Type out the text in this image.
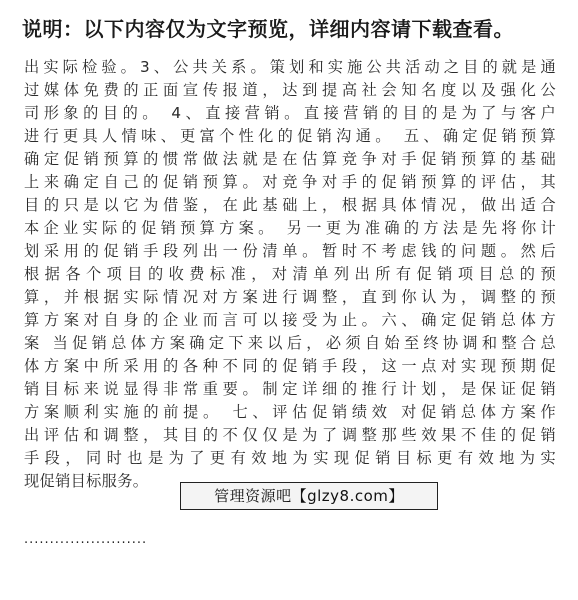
说明：以下内容仅为文字预览，详细内容请下载查看。
出实际检验。3、公共关系。策划和实施公共活动之目的就是通
过媒体免费的正面宣传报道，达到提高社会知名度以及强化公
司形象的目的。 4、直接营销。直接营销的目的是为了与客户
进行更具人情味、更富个性化的促销沟通。 五、确定促销预算
确定促销预算的惯常做法就是在估算竞争对手促销预算的基础
上来确定自己的促销预算。对竞争对手的促销预算的评估，其
目的只是以它为借鉴，在此基础上，根据具体情况，做出适合
本企业实际的促销预算方案。 另一更为准确的方法是先将你计
划采用的促销手段列出一份清单。暂时不考虑钱的问题。然后
根据各个项目的收费标准，对清单列出所有促销项目总的预
算，并根据实际情况对方案进行调整，直到你认为，调整的预
算方案对自身的企业而言可以接受为止。六、确定促销总体方
案 当促销总体方案确定下来以后，必须自始至终协调和整合总
体方案中所采用的各种不同的促销手段，这一点对实现预期促
销目标来说显得非常重要。制定详细的推行计划，是保证促销
方案顺利实施的前提。 七、评估促销绩效 对促销总体方案作
出评估和调整，其目的不仅仅是为了调整那些效果不佳的促销
手段，同时也是为了更有效地为实现促销目标更有效地为实
现促销目标服务。
管理资源吧【glzy8.com】
........................
